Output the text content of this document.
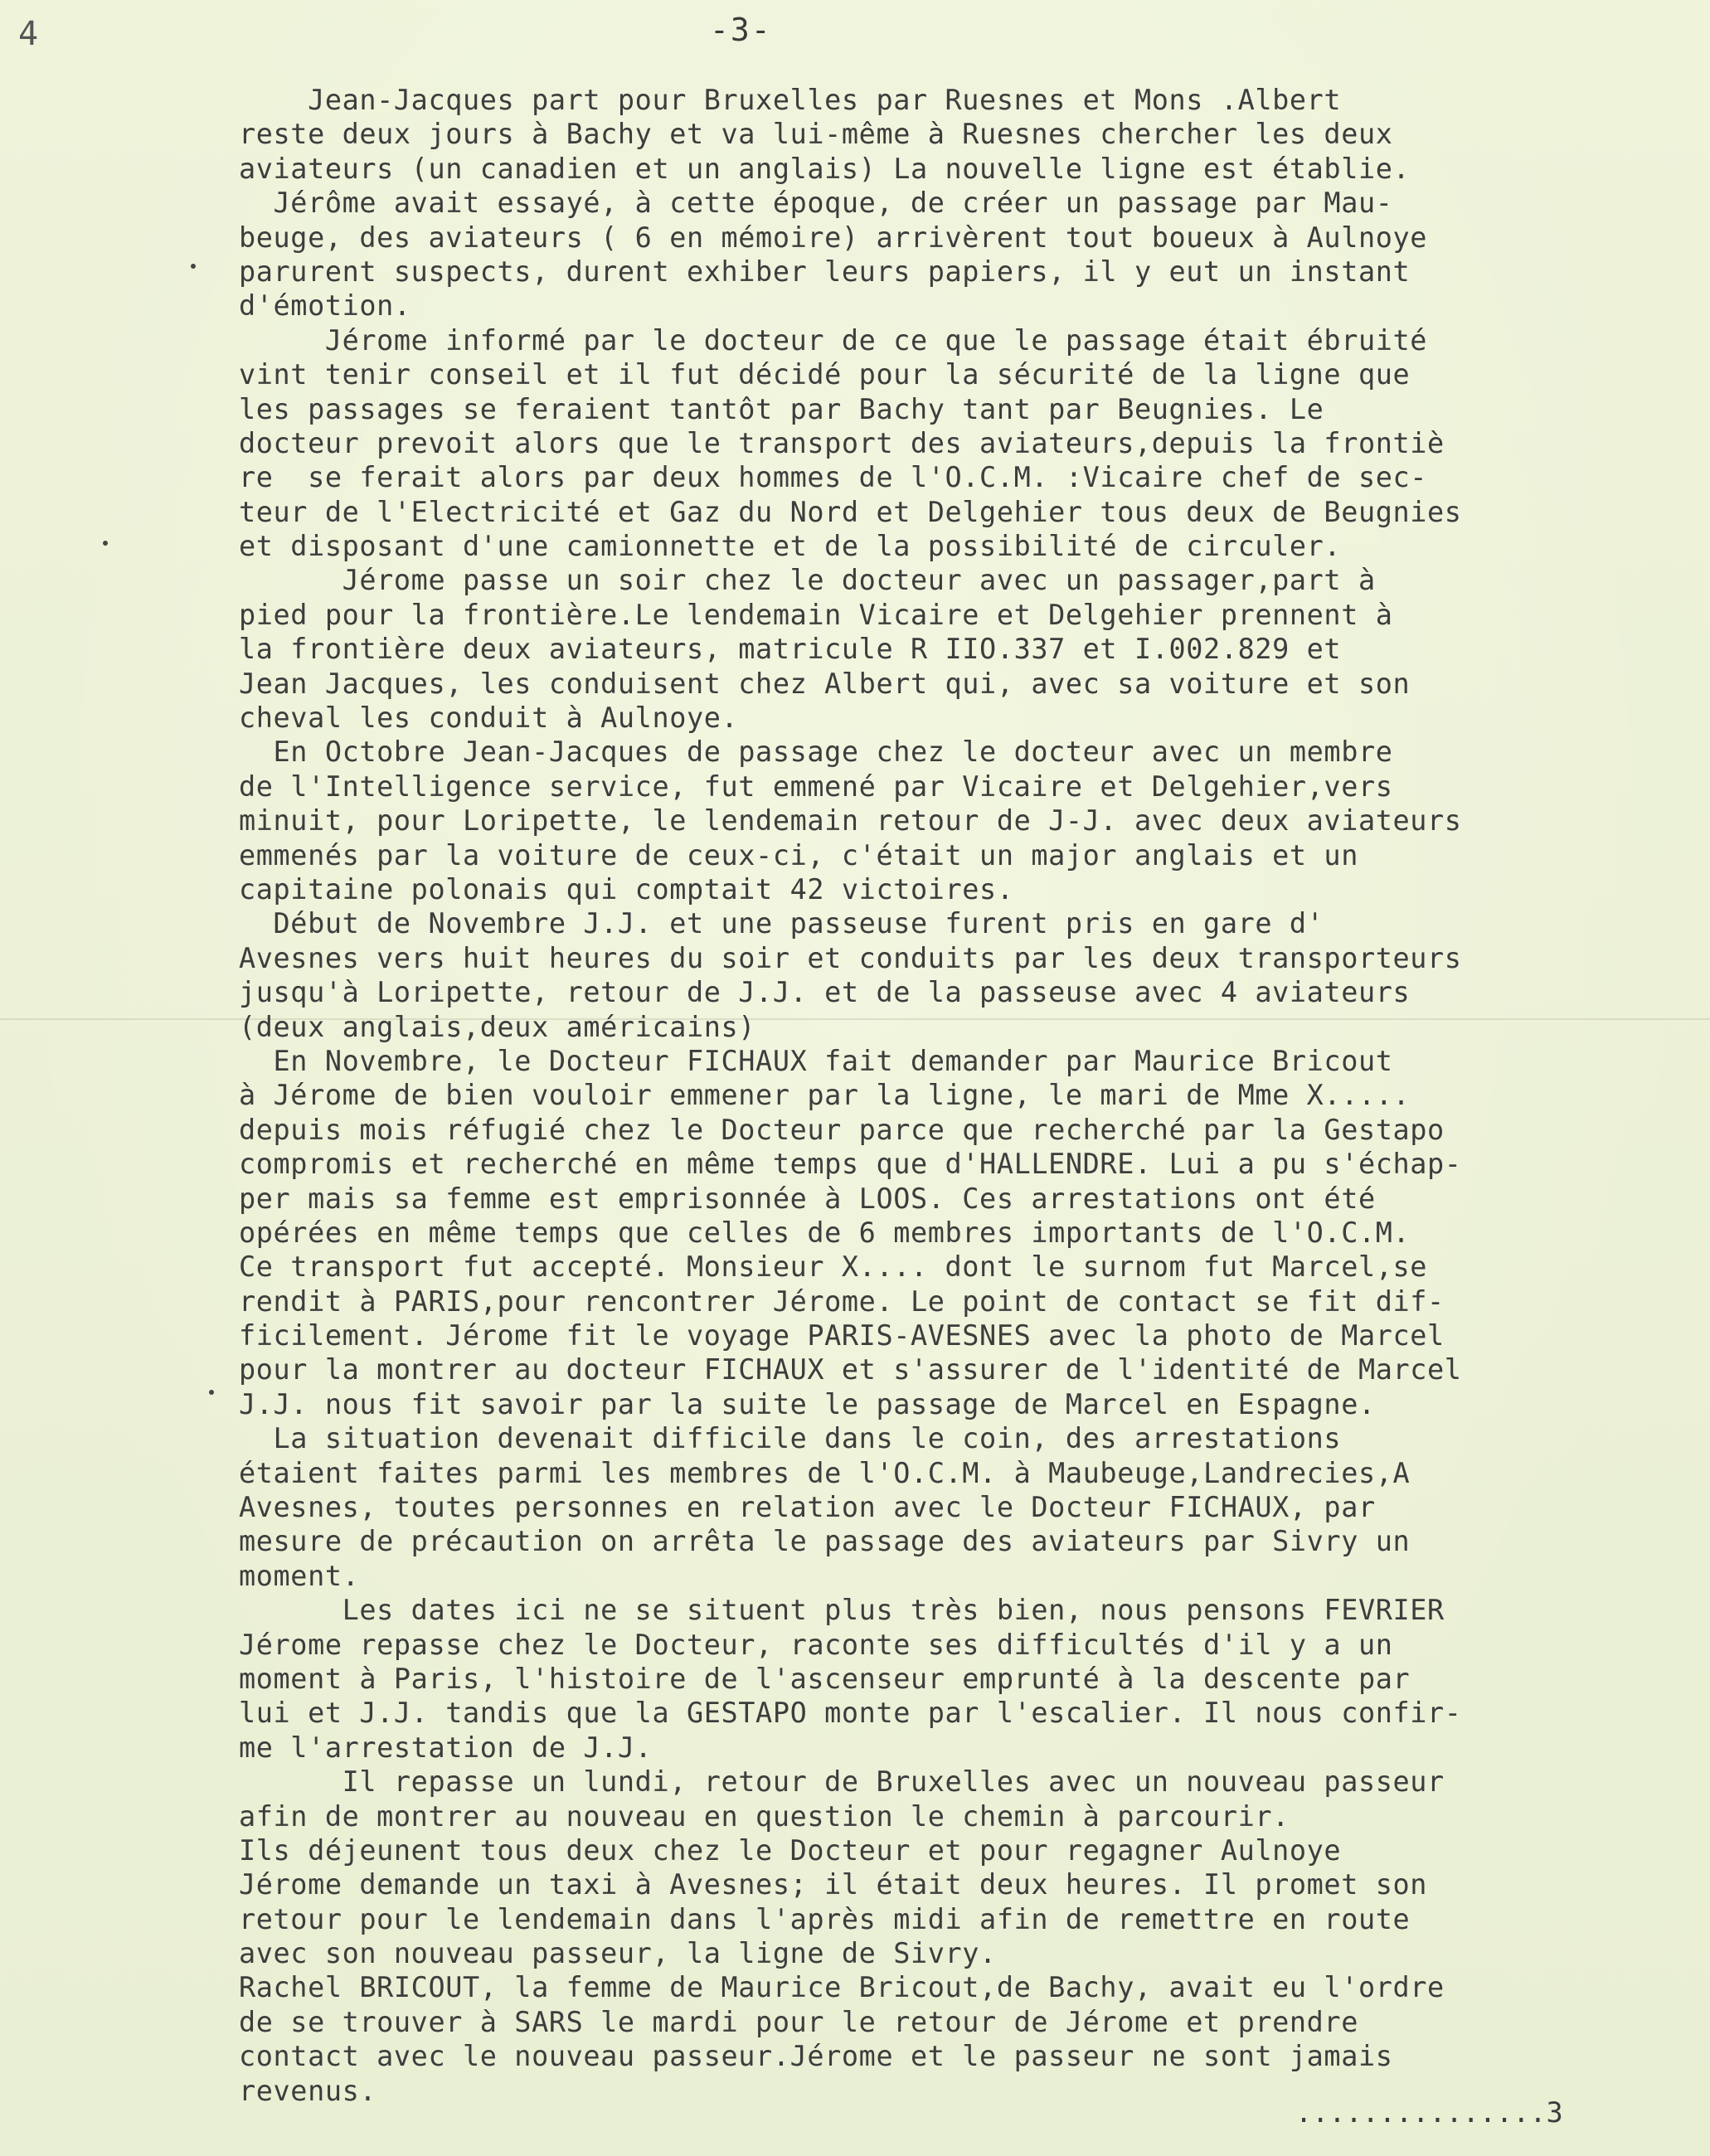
4	-3-
Jean-Jacques part pour Bruxelles par Ruesnes et Mons .Albert
reste deux jours à Bachy et va lui-même à Ruesnes chercher les deux
aviateurs (un canadien et un anglais) La nouvelle ligne est établie.
Jérôme avait essayé, à cette époque, de créer un passage par Mau-
beuge, des aviateurs ( 6 en mémoire) arrivèrent tout boueux à Aulnoye
parurent suspects, durent exhiber leurs papiers, il y eut un instant
d'émotion.
Jérome informé par le docteur de ce que le passage était ébruité
vint tenir conseil et il fut décidé pour la sécurité de la ligne que
les passages se feraient tantôt par Bachy tant par Beugnies. Le
docteur prevoit alors que le transport des aviateurs,depuis la frontiè
re  se ferait alors par deux hommes de l'O.C.M. :Vicaire chef de sec-
teur de l'Electricité et Gaz du Nord et Delgehier tous deux de Beugnies
et disposant d'une camionnette et de la possibilité de circuler.
Jérome passe un soir chez le docteur avec un passager,part à
pied pour la frontière.Le lendemain Vicaire et Delgehier prennent à
la frontière deux aviateurs, matricule R IIO.337 et I.002.829 et
Jean Jacques, les conduisent chez Albert qui, avec sa voiture et son
cheval les conduit à Aulnoye.
En Octobre Jean-Jacques de passage chez le docteur avec un membre
de l'Intelligence service, fut emmené par Vicaire et Delgehier,vers
minuit, pour Loripette, le lendemain retour de J-J. avec deux aviateurs
emmenés par la voiture de ceux-ci, c'était un major anglais et un
capitaine polonais qui comptait 42 victoires.
Début de Novembre J.J. et une passeuse furent pris en gare d'
Avesnes vers huit heures du soir et conduits par les deux transporteurs
jusqu'à Loripette, retour de J.J. et de la passeuse avec 4 aviateurs
(deux anglais,deux américains)
En Novembre, le Docteur FICHAUX fait demander par Maurice Bricout
à Jérome de bien vouloir emmener par la ligne, le mari de Mme X.....
depuis mois réfugié chez le Docteur parce que recherché par la Gestapo
compromis et recherché en même temps que d'HALLENDRE. Lui a pu s'échap-
per mais sa femme est emprisonnée à LOOS. Ces arrestations ont été
opérées en même temps que celles de 6 membres importants de l'O.C.M.
Ce transport fut accepté. Monsieur X.... dont le surnom fut Marcel,se
rendit à PARIS,pour rencontrer Jérome. Le point de contact se fit dif-
ficilement. Jérome fit le voyage PARIS-AVESNES avec la photo de Marcel
pour la montrer au docteur FICHAUX et s'assurer de l'identité de Marcel
J.J. nous fit savoir par la suite le passage de Marcel en Espagne.
La situation devenait difficile dans le coin, des arrestations
étaient faites parmi les membres de l'O.C.M. à Maubeuge,Landrecies,A
Avesnes, toutes personnes en relation avec le Docteur FICHAUX, par
mesure de précaution on arrêta le passage des aviateurs par Sivry un
moment.
Les dates ici ne se situent plus très bien, nous pensons FEVRIER
Jérome repasse chez le Docteur, raconte ses difficultés d'il y a un
moment à Paris, l'histoire de l'ascenseur emprunté à la descente par
lui et J.J. tandis que la GESTAPO monte par l'escalier. Il nous confir-
me l'arrestation de J.J.
Il repasse un lundi, retour de Bruxelles avec un nouveau passeur
afin de montrer au nouveau en question le chemin à parcourir.
Ils déjeunent tous deux chez le Docteur et pour regagner Aulnoye
Jérome demande un taxi à Avesnes; il était deux heures. Il promet son
retour pour le lendemain dans l'après midi afin de remettre en route
avec son nouveau passeur, la ligne de Sivry.
Rachel BRICOUT, la femme de Maurice Bricout,de Bachy, avait eu l'ordre
de se trouver à SARS le mardi pour le retour de Jérome et prendre
contact avec le nouveau passeur.Jérome et le passeur ne sont jamais
revenus.
...............3
